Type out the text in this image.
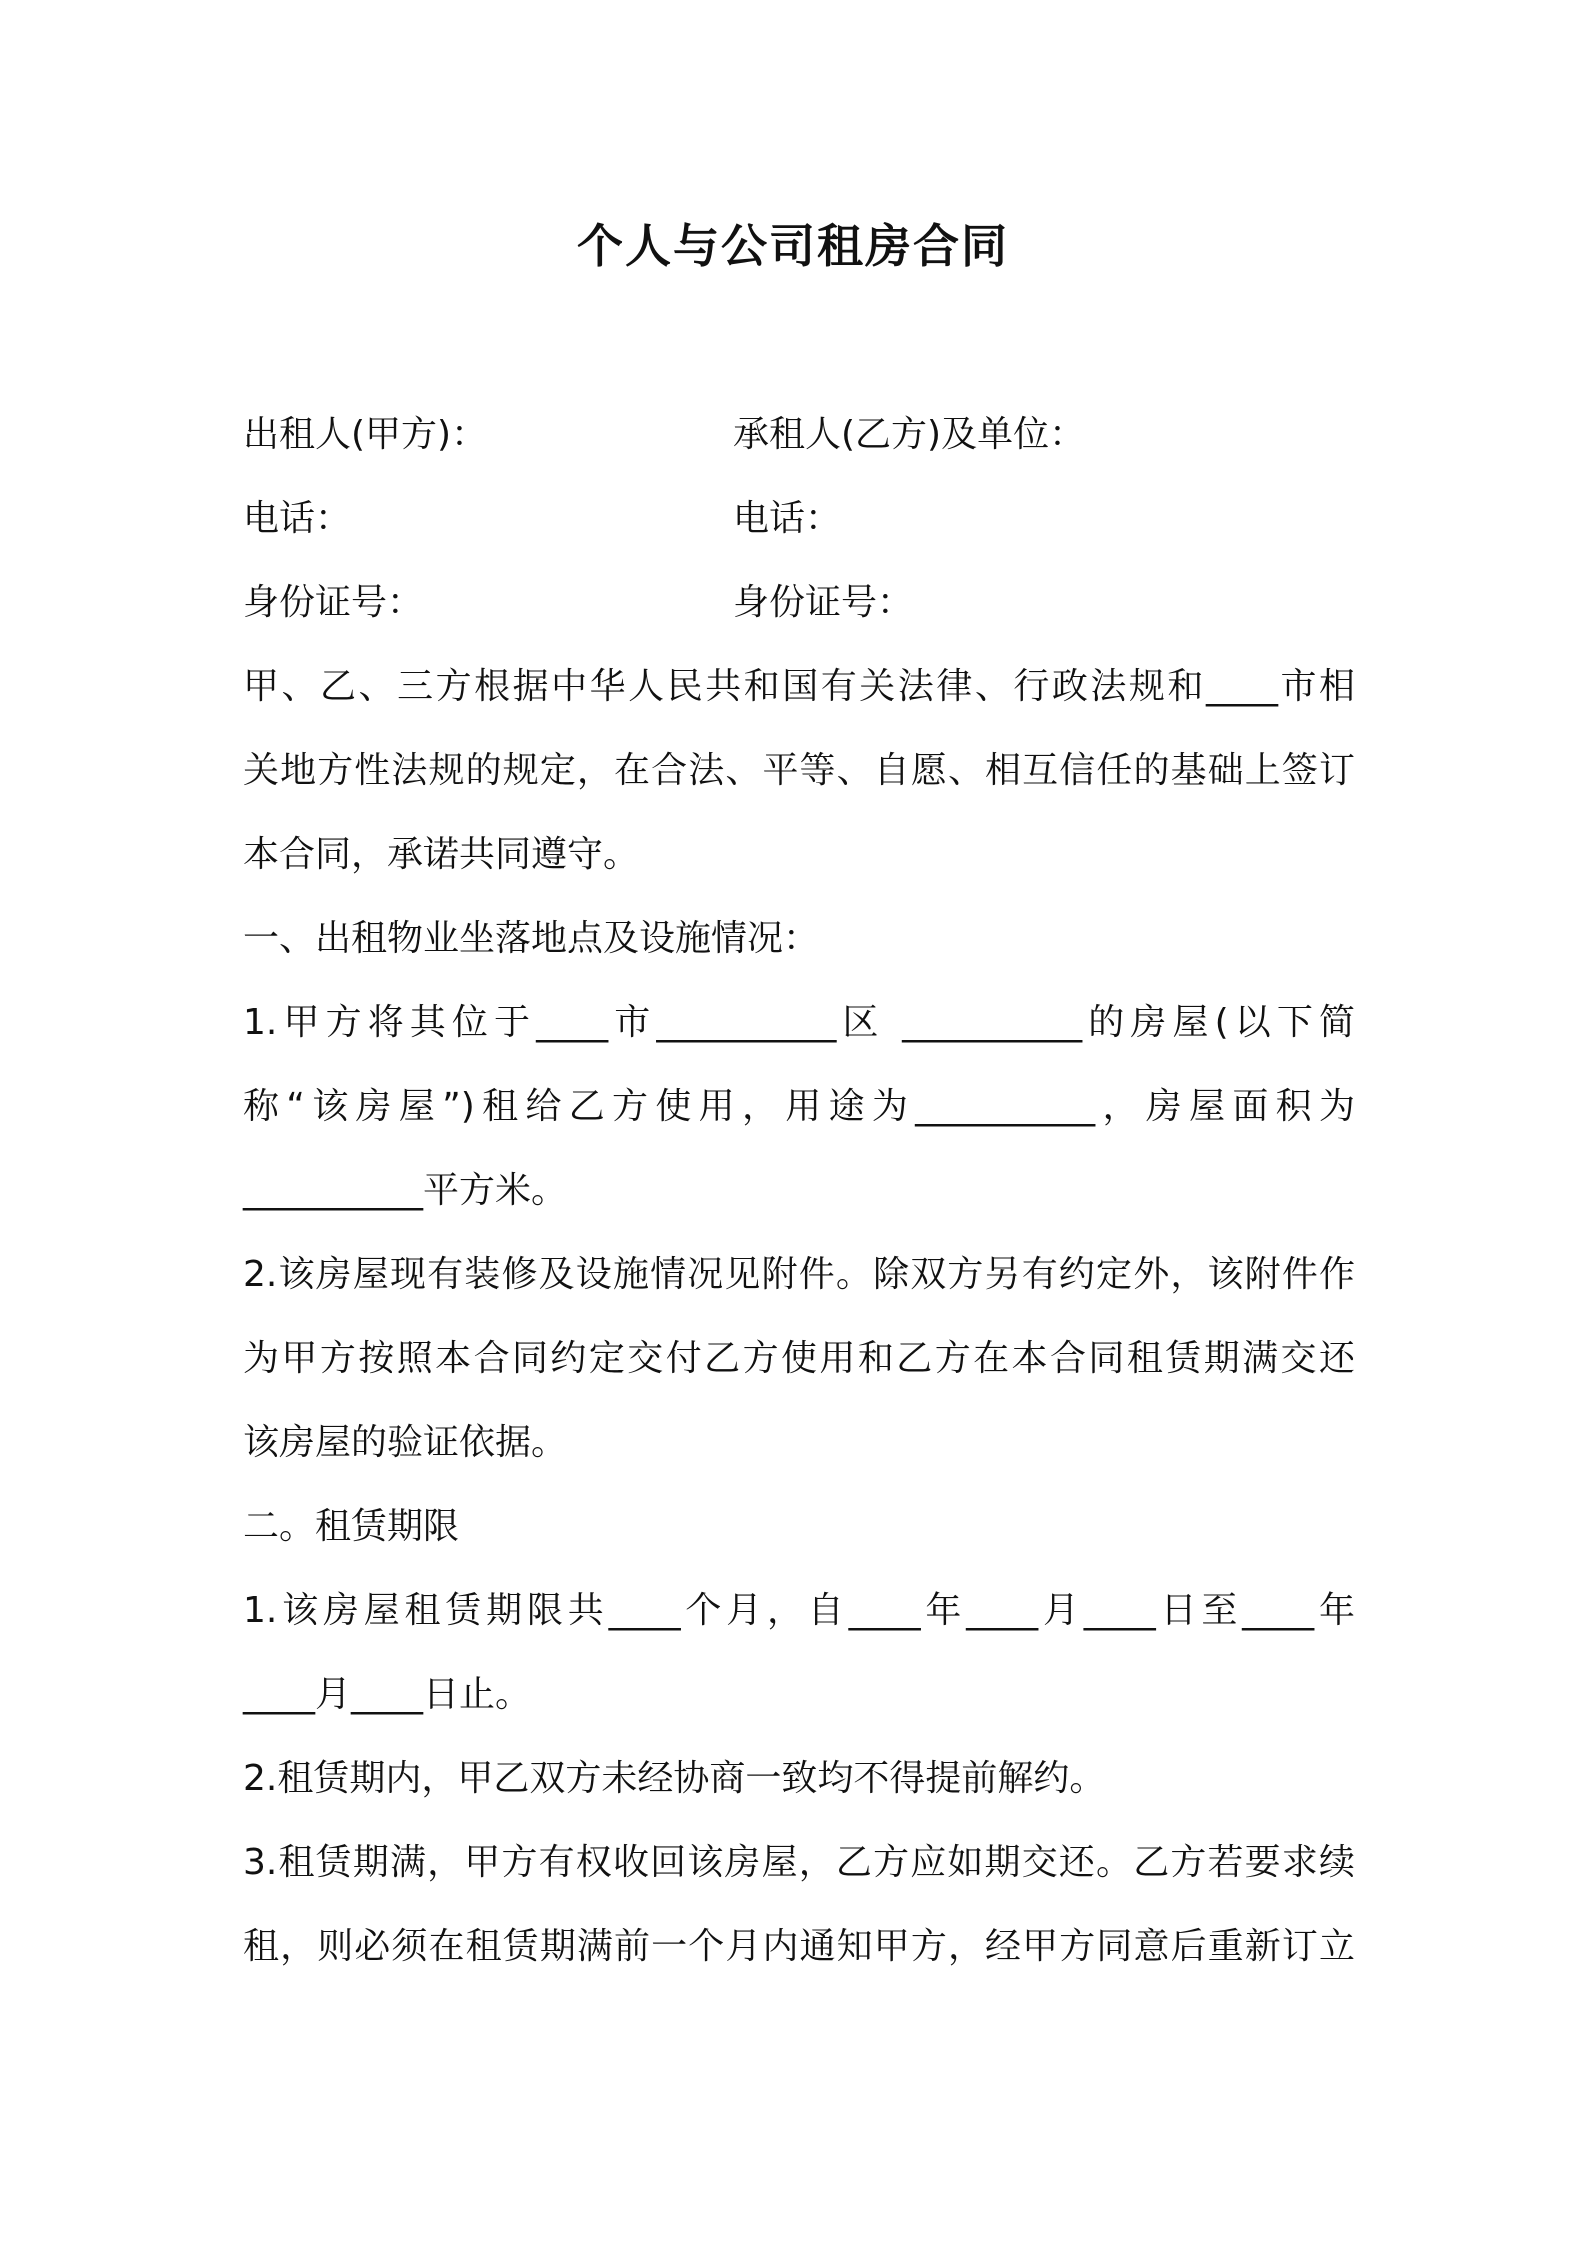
个人与公司租房合同
出租人(甲方)：	承租人(乙方)及单位：
电话：	电话：
身份证号：	身份证号：
甲、乙、三方根据中华人民共和国有关法律、行政法规和____市相
关地方性法规的规定，在合法、平等、自愿、相互信任的基础上签订
本合同，承诺共同遵守。
一、出租物业坐落地点及设施情况：
1.甲方将其位于____市__________区 __________的房屋(以下简
称“该房屋”)租给乙方使用，用途为__________，房屋面积为
__________平方米。
2.该房屋现有装修及设施情况见附件。除双方另有约定外，该附件作
为甲方按照本合同约定交付乙方使用和乙方在本合同租赁期满交还
该房屋的验证依据。
二。租赁期限
1.该房屋租赁期限共____个月，自____年____月____日至____年
____月____日止。
2.租赁期内，甲乙双方未经协商一致均不得提前解约。
3.租赁期满，甲方有权收回该房屋，乙方应如期交还。乙方若要求续
租，则必须在租赁期满前一个月内通知甲方，经甲方同意后重新订立
